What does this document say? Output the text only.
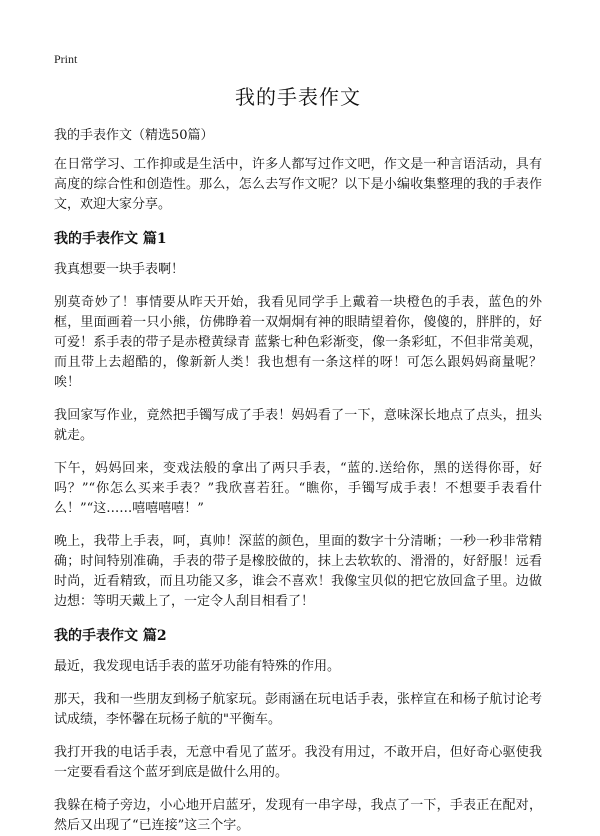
Print
我的手表作文
我的手表作文（精选50篇）

在日常学习、工作抑或是生活中，许多人都写过作文吧，作文是一种言语活动，具有高度的综合性和创造性。那么，怎么去写作文呢？以下是小编收集整理的我的手表作文，欢迎大家分享。

我的手表作文 篇1

我真想要一块手表啊！

别莫奇妙了！事情要从昨天开始，我看见同学手上戴着一块橙色的手表，蓝色的外框，里面画着一只小熊，仿佛睁着一双炯炯有神的眼睛望着你，傻傻的，胖胖的，好可爱！系手表的带子是赤橙黄绿青 蓝紫七种色彩渐变，像一条彩虹，不但非常美观，而且带上去超酷的，像新新人类！我也想有一条这样的呀！可怎么跟妈妈商量呢？唉！

我回家写作业，竟然把手镯写成了手表！妈妈看了一下，意味深长地点了点头，扭头就走。

下午，妈妈回来，变戏法般的拿出了两只手表，“蓝的.送给你，黑的送得你哥，好吗？”“你怎么买来手表？”我欣喜若狂。“瞧你，手镯写成手表！不想要手表看什么！”“这……嘻嘻嘻嘻！”

晚上，我带上手表，呵，真帅！深蓝的颜色，里面的数字十分清晰；一秒一秒非常精确；时间特别准确，手表的带子是橡胶做的，抹上去软软的、滑滑的，好舒服！远看时尚，近看精致，而且功能又多，谁会不喜欢！我像宝贝似的把它放回盒子里。边做边想：等明天戴上了，一定令人刮目相看了！

我的手表作文 篇2

最近，我发现电话手表的蓝牙功能有特殊的作用。

那天，我和一些朋友到杨子航家玩。彭雨涵在玩电话手表，张梓宣在和杨子航讨论考试成绩，李怀馨在玩杨子航的"平衡车。

我打开我的电话手表，无意中看见了蓝牙。我没有用过，不敢开启，但好奇心驱使我一定要看看这个蓝牙到底是做什么用的。

我躲在椅子旁边，小心地开启蓝牙，发现有一串字母，我点了一下，手表正在配对，然后又出现了“已连接”这三个字。
